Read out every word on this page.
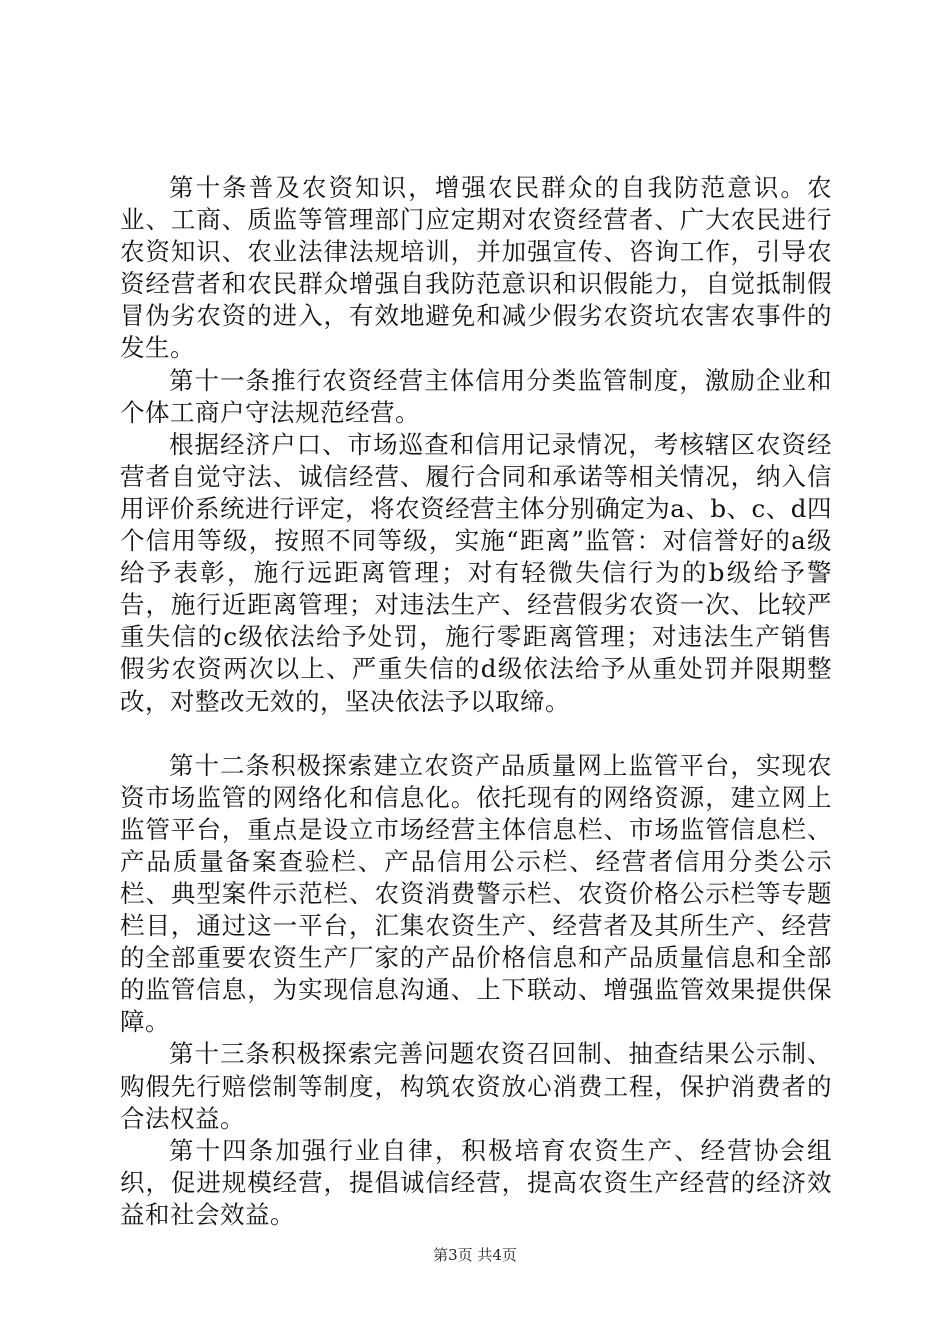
第十条普及农资知识，增强农民群众的自我防范意识。农业、工商、质监等管理部门应定期对农资经营者、广大农民进行农资知识、农业法律法规培训，并加强宣传、咨询工作，引导农资经营者和农民群众增强自我防范意识和识假能力，自觉抵制假冒伪劣农资的进入，有效地避免和减少假劣农资坑农害农事件的发生。

第十一条推行农资经营主体信用分类监管制度，激励企业和个体工商户守法规范经营。

根据经济户口、市场巡查和信用记录情况，考核辖区农资经营者自觉守法、诚信经营、履行合同和承诺等相关情况，纳入信用评价系统进行评定，将农资经营主体分别确定为a、b、c、d四个信用等级，按照不同等级，实施“距离”监管：对信誉好的a级给予表彰，施行远距离管理；对有轻微失信行为的b级给予警告，施行近距离管理；对违法生产、经营假劣农资一次、比较严重失信的c级依法给予处罚，施行零距离管理；对违法生产销售假劣农资两次以上、严重失信的d级依法给予从重处罚并限期整改，对整改无效的，坚决依法予以取缔。

第十二条积极探索建立农资产品质量网上监管平台，实现农资市场监管的网络化和信息化。依托现有的网络资源，建立网上监管平台，重点是设立市场经营主体信息栏、市场监管信息栏、产品质量备案查验栏、产品信用公示栏、经营者信用分类公示栏、典型案件示范栏、农资消费警示栏、农资价格公示栏等专题栏目，通过这一平台，汇集农资生产、经营者及其所生产、经营的全部重要农资生产厂家的产品价格信息和产品质量信息和全部的监管信息，为实现信息沟通、上下联动、增强监管效果提供保障。

第十三条积极探索完善问题农资召回制、抽查结果公示制、购假先行赔偿制等制度，构筑农资放心消费工程，保护消费者的合法权益。

第十四条加强行业自律，积极培育农资生产、经营协会组织，促进规模经营，提倡诚信经营，提高农资生产经营的经济效益和社会效益。

第3页 共4页
